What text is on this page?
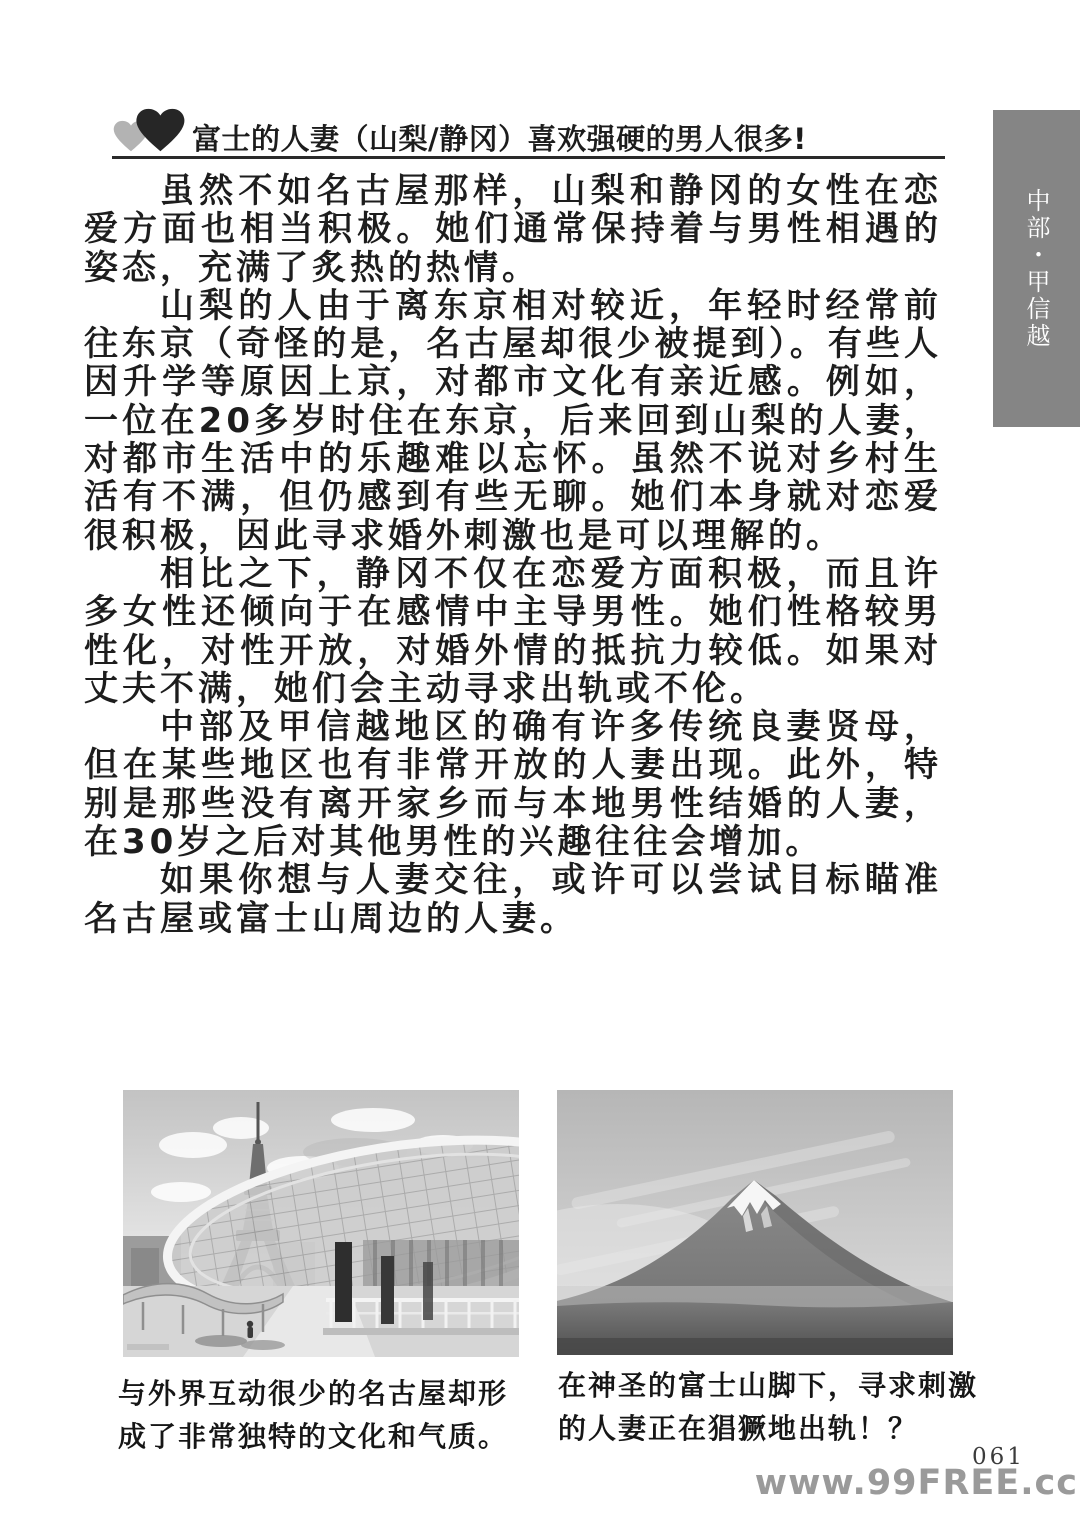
富士的人妻（山梨/静冈）喜欢强硬的男人很多!

虽然不如名古屋那样，山梨和静冈的女性在恋爱方面也相当积极。她们通常保持着与男性相遇的姿态，充满了炙热的热情。

山梨的人由于离东京相对较近，年轻时经常前往东京（奇怪的是，名古屋却很少被提到）。有些人因升学等原因上京，对都市文化有亲近感。例如，一位在20多岁时住在东京，后来回到山梨的人妻，对都市生活中的乐趣难以忘怀。虽然不说对乡村生活有不满，但仍感到有些无聊。她们本身就对恋爱很积极，因此寻求婚外刺激也是可以理解的。

相比之下，静冈不仅在恋爱方面积极，而且许多女性还倾向于在感情中主导男性。她们性格较男性化，对性开放，对婚外情的抵抗力较低。如果对丈夫不满，她们会主动寻求出轨或不伦。

中部及甲信越地区的确有许多传统良妻贤母，但在某些地区也有非常开放的人妻出现。此外，特别是那些没有离开家乡而与本地男性结婚的人妻，在30岁之后对其他男性的兴趣往往会增加。

如果你想与人妻交往，或许可以尝试目标瞄准名古屋或富士山周边的人妻。

中部・甲信越
与外界互动很少的名古屋却形
成了非常独特的文化和气质。
在神圣的富士山脚下，寻求刺激
的人妻正在猖獗地出轨！？
061
www.99FREE.cc
